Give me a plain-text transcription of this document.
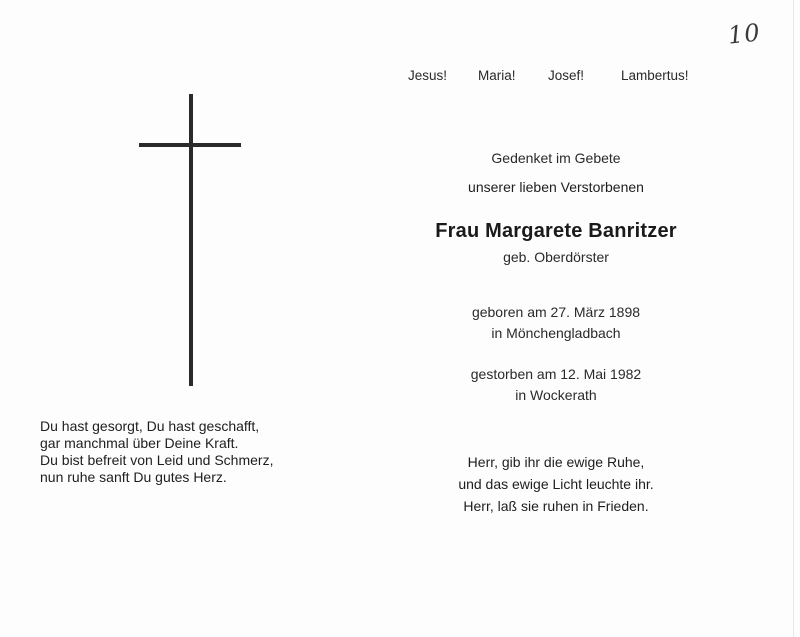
10
Jesus!	Maria!	Josef!	Lambertus!
Gedenket im Gebete
unserer lieben Verstorbenen
Frau Margarete Banritzer
geb. Oberdörster
geboren am 27. März 1898
in Mönchengladbach
gestorben am 12. Mai 1982
in Wockerath
Herr, gib ihr die ewige Ruhe,
und das ewige Licht leuchte ihr.
Herr, laß sie ruhen in Frieden.
Du hast gesorgt, Du hast geschafft,
gar manchmal über Deine Kraft.
Du bist befreit von Leid und Schmerz,
nun ruhe sanft Du gutes Herz.
